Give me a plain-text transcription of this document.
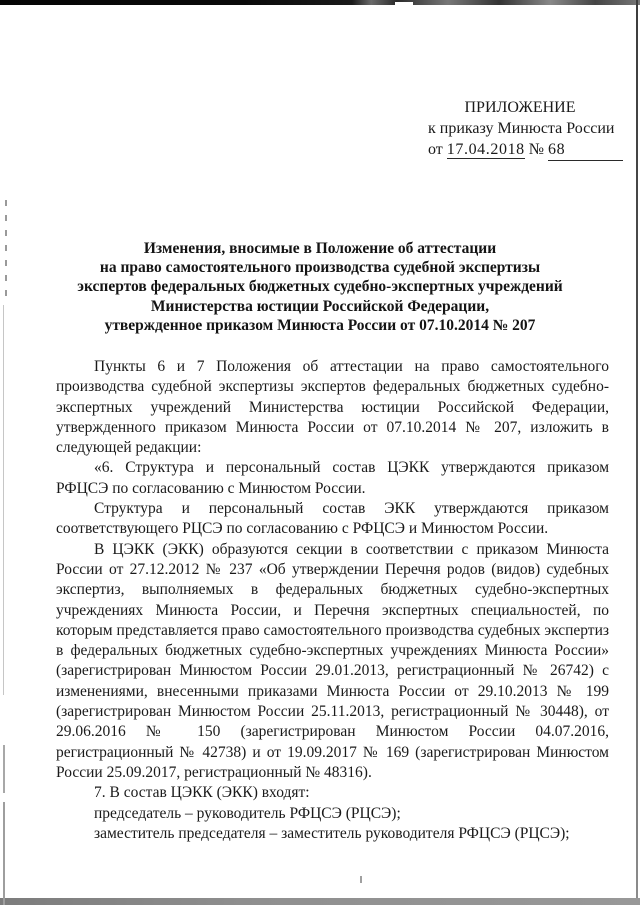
ПРИЛОЖЕНИЕ
к приказу Минюста России
от 17.04.2018 № 68
Изменения, вносимые в Положение об аттестации
на право самостоятельного производства судебной экспертизы
экспертов федеральных бюджетных судебно-экспертных учреждений
Министерства юстиции Российской Федерации,
утвержденное приказом Минюста России от 07.10.2014 № 207

Пункты 6 и 7 Положения об аттестации на право самостоятельного производства судебной экспертизы экспертов федеральных бюджетных судебно-экспертных учреждений Министерства юстиции Российской Федерации, утвержденного приказом Минюста России от 07.10.2014 № 207, изложить в следующей редакции:

«6. Структура и персональный состав ЦЭКК утверждаются приказом РФЦСЭ по согласованию с Минюстом России.

Структура и персональный состав ЭКК утверждаются приказом соответствующего РЦСЭ по согласованию с РФЦСЭ и Минюстом России.

В ЦЭКК (ЭКК) образуются секции в соответствии с приказом Минюста России от 27.12.2012 № 237 «Об утверждении Перечня родов (видов) судебных экспертиз, выполняемых в федеральных бюджетных судебно-экспертных учреждениях Минюста России, и Перечня экспертных специальностей, по которым представляется право самостоятельного производства судебных экспертиз в федеральных бюджетных судебно-экспертных учреждениях Минюста России» (зарегистрирован Минюстом России 29.01.2013, регистрационный № 26742) с изменениями, внесенными приказами Минюста России от 29.10.2013 № 199 (зарегистрирован Минюстом России 25.11.2013, регистрационный № 30448), от 29.06.2016 № 150 (зарегистрирован Минюстом России 04.07.2016, регистрационный № 42738) и от 19.09.2017 № 169 (зарегистрирован Минюстом России 25.09.2017, регистрационный № 48316).

7. В состав ЦЭКК (ЭКК) входят:

председатель – руководитель РФЦСЭ (РЦСЭ);

заместитель председателя – заместитель руководителя РФЦСЭ (РЦСЭ);
